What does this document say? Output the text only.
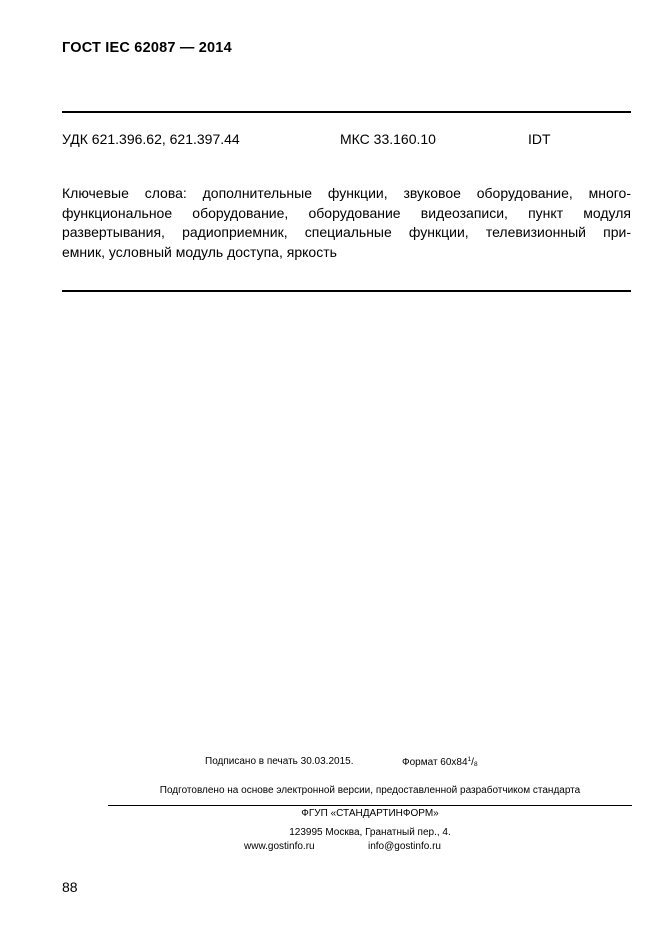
ГОСТ IEC 62087 — 2014
УДК 621.396.62, 621.397.44	МКС 33.160.10	IDT
Ключевые слова: дополнительные функции, звуковое оборудование, много-
функциональное оборудование, оборудование видеозаписи, пункт модуля
развертывания, радиоприемник, специальные функции, телевизионный при-
емник, условный модуль доступа, яркость
Подписано в печать 30.03.2015.	Формат $60x84^1/_8$
Подготовлено на основе электронной версии, предоставленной разработчиком стандарта
ФГУП «СТАНДАРТИНФОРМ»
123995 Москва, Гранатный пер., 4.
www.gostinfo.ru	info@gostinfo.ru
88
